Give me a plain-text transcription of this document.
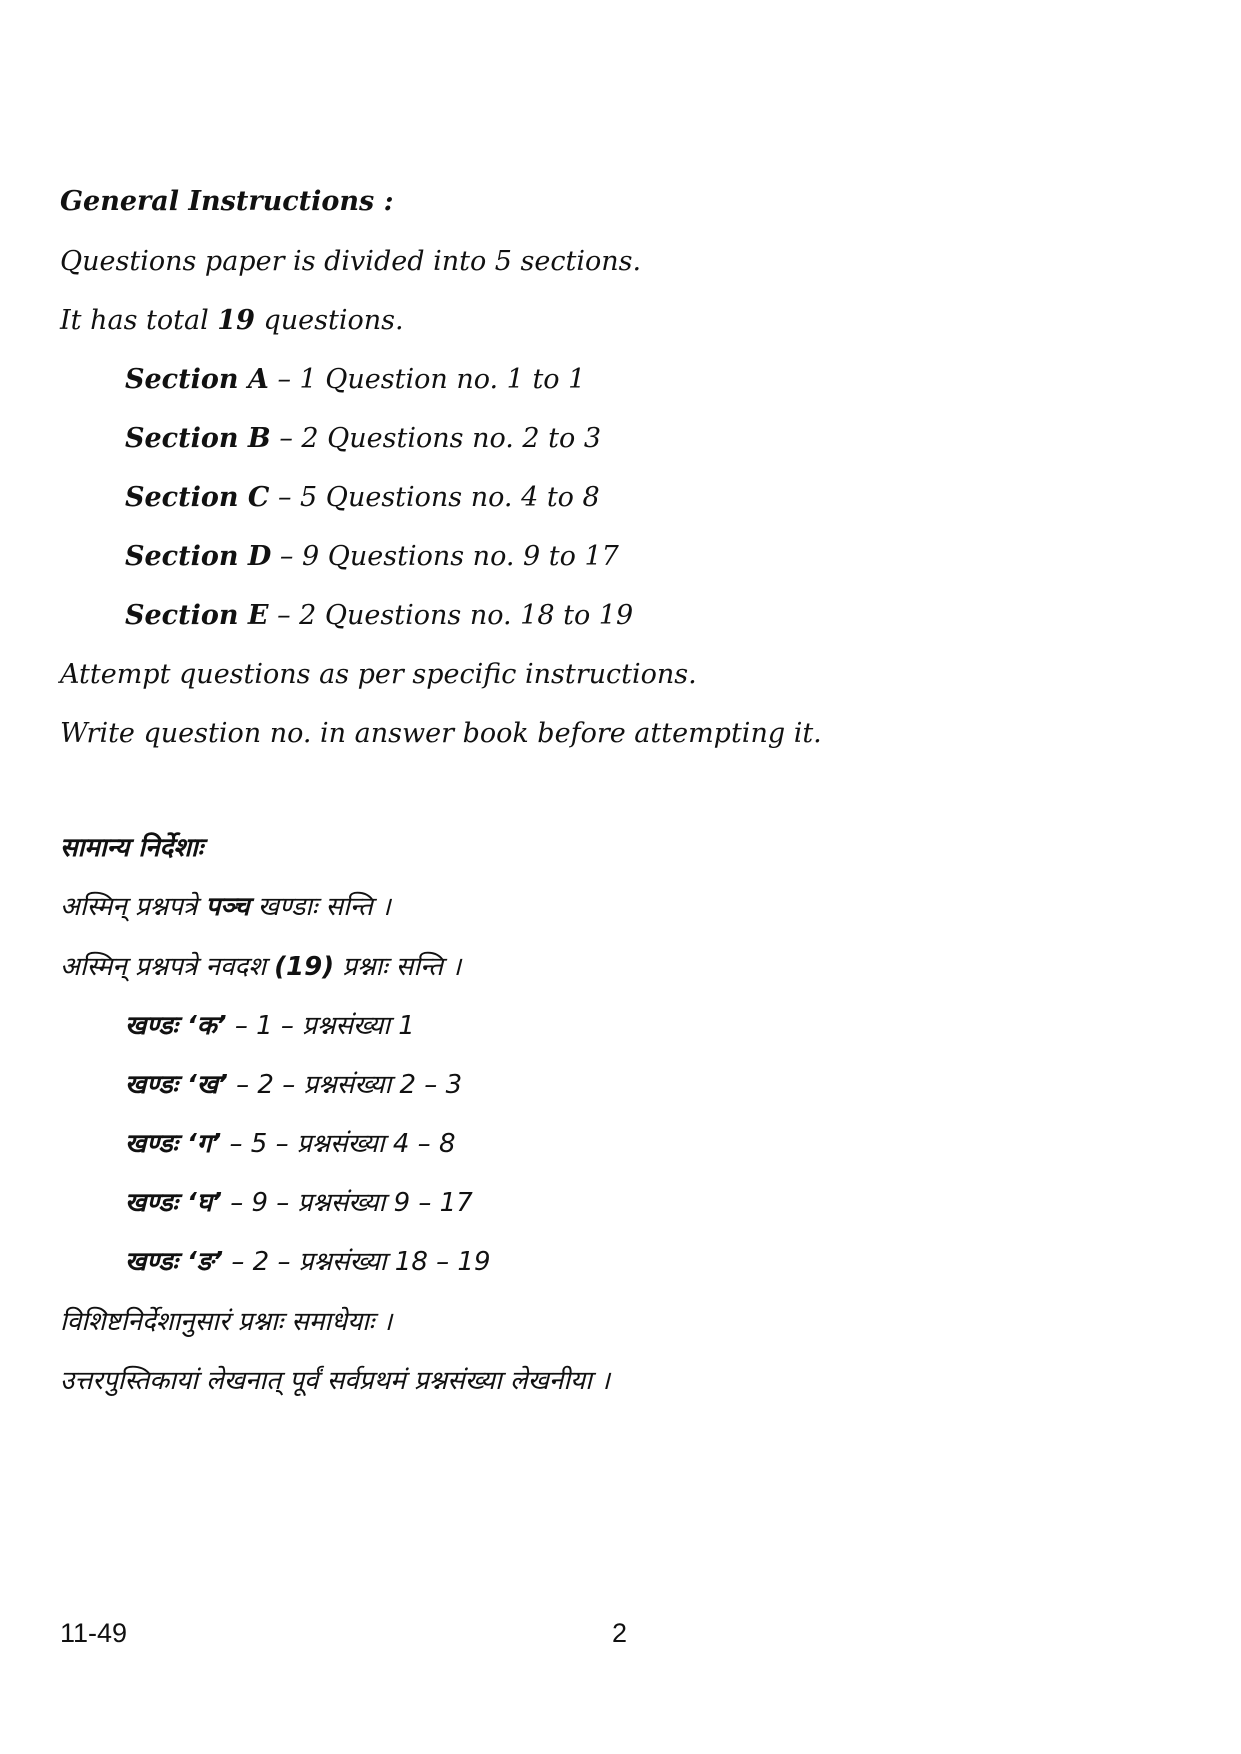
General Instructions :
Questions paper is divided into 5 sections.
It has total 19 questions.
Section A – 1 Question no. 1 to 1
Section B – 2 Questions no. 2 to 3
Section C – 5 Questions no. 4 to 8
Section D – 9 Questions no. 9 to 17
Section E – 2 Questions no. 18 to 19
Attempt questions as per specific instructions.
Write question no. in answer book before attempting it.
सामान्य निर्देशाः
अस्मिन् प्रश्नपत्रे पञ्च खण्डाः सन्ति ।
अस्मिन् प्रश्नपत्रे नवदश (19) प्रश्नाः सन्ति ।
खण्डः ‘क’ – 1 – प्रश्नसंख्या 1
खण्डः ‘ख’ – 2 – प्रश्नसंख्या 2 – 3
खण्डः ‘ग’ – 5 – प्रश्नसंख्या 4 – 8
खण्डः ‘घ’ – 9 – प्रश्नसंख्या 9 – 17
खण्डः ‘ङ’ – 2 – प्रश्नसंख्या 18 – 19
विशिष्टनिर्देशानुसारं प्रश्नाः समाधेयाः ।
उत्तरपुस्तिकायां लेखनात् पूर्वं सर्वप्रथमं प्रश्नसंख्या लेखनीया ।
11-49	2
